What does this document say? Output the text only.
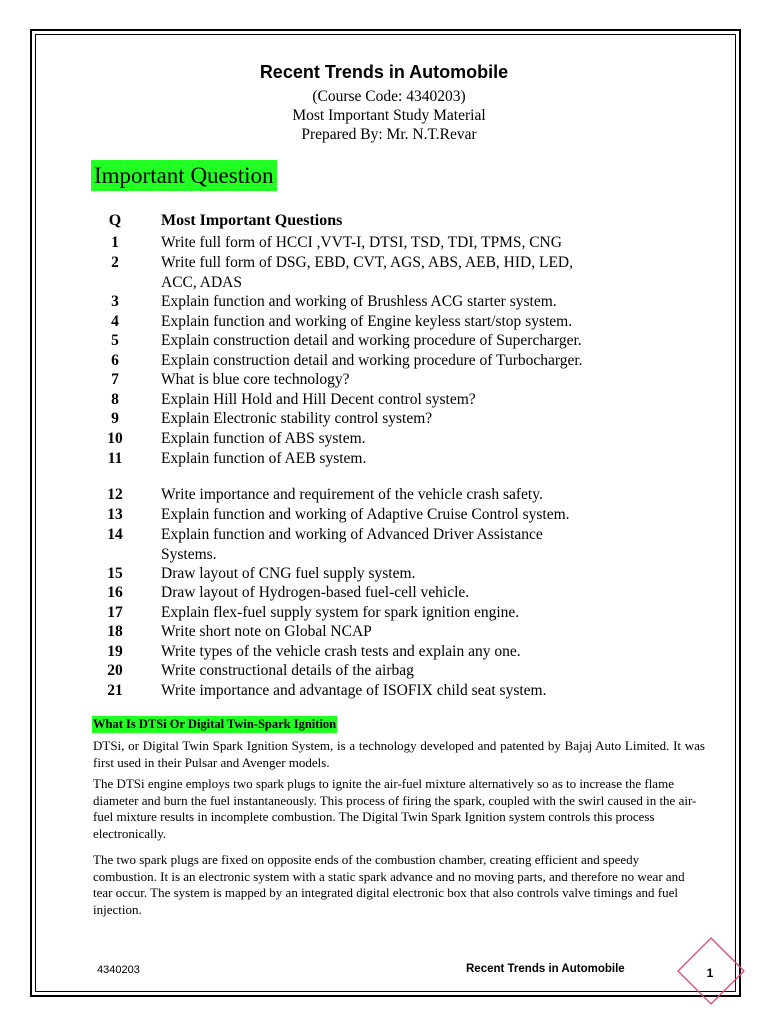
Recent Trends in Automobile
(Course Code: 4340203)
Most Important Study Material
Prepared By: Mr. N.T.Revar
Important Question
Q	Most Important Questions
1	Write full form of HCCI ,VVT-I, DTSI, TSD, TDI, TPMS, CNG
2	Write full form of DSG, EBD, CVT, AGS, ABS, AEB, HID, LED,
ACC, ADAS
3	Explain function and working of Brushless ACG starter system.
4	Explain function and working of Engine keyless start/stop system.
5	Explain construction detail and working procedure of Supercharger.
6	Explain construction detail and working procedure of Turbocharger.
7	What is blue core technology?
8	Explain Hill Hold and Hill Decent control system?
9	Explain Electronic stability control system?
10	Explain function of ABS system.
11	Explain function of AEB system.
12	Write importance and requirement of the vehicle crash safety.
13	Explain function and working of Adaptive Cruise Control system.
14	Explain function and working of Advanced Driver Assistance
Systems.
15	Draw layout of CNG fuel supply system.
16	Draw layout of Hydrogen-based fuel-cell vehicle.
17	Explain flex-fuel supply system for spark ignition engine.
18	Write short note on Global NCAP
19	Write types of the vehicle crash tests and explain any one.
20	Write constructional details of the airbag
21	Write importance and advantage of ISOFIX child seat system.
What Is DTSi Or Digital Twin-Spark Ignition
DTSi, or Digital Twin Spark Ignition System, is a technology developed and patented by Bajaj Auto Limited. It was first used in their Pulsar and Avenger models.
The DTSi engine employs two spark plugs to ignite the air-fuel mixture alternatively so as to increase the flame diameter and burn the fuel instantaneously. This process of firing the spark, coupled with the swirl caused in the air-fuel mixture results in incomplete combustion. The Digital Twin Spark Ignition system controls this process electronically.
The two spark plugs are fixed on opposite ends of the combustion chamber, creating efficient and speedy combustion. It is an electronic system with a static spark advance and no moving parts, and therefore no wear and tear occur. The system is mapped by an integrated digital electronic box that also controls valve timings and fuel injection.
4340203	Recent Trends in Automobile	1
